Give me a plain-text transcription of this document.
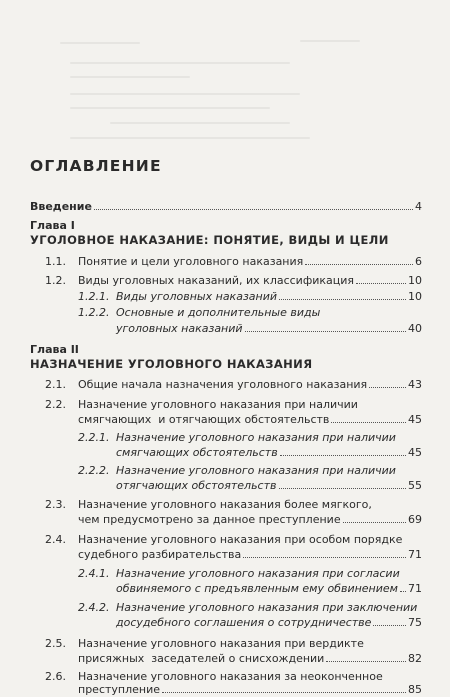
ОГЛАВЛЕНИЕ
Введение	4
Глава I
УГОЛОВНОЕ НАКАЗАНИЕ: ПОНЯТИЕ, ВИДЫ И ЦЕЛИ
1.1.	Понятие и цели уголовного наказания	6
1.2.	Виды уголовных наказаний, их классификация	10
1.2.1. Виды уголовных наказаний	10
1.2.2. Основные и дополнительные виды
уголовных наказаний	40
Глава II
НАЗНАЧЕНИЕ УГОЛОВНОГО НАКАЗАНИЯ
2.1.	Общие начала назначения уголовного наказания	43
2.2.	Назначение уголовного наказания при наличии
смягчающих  и отягчающих обстоятельств	45
2.2.1. Назначение уголовного наказания при наличии
смягчающих обстоятельств	45
2.2.2. Назначение уголовного наказания при наличии
отягчающих обстоятельств	55
2.3.	Назначение уголовного наказания более мягкого,
чем предусмотрено за данное преступление	69
2.4.	Назначение уголовного наказания при особом порядке
судебного разбирательства	71
2.4.1. Назначение уголовного наказания при согласии
обвиняемого с предъявленным ему обвинением 71
2.4.2. Назначение уголовного наказания при заключении
досудебного соглашения о сотрудничестве	75
2.5.	Назначение уголовного наказания при вердикте
присяжных  заседателей о снисхождении	82
2.6.	Назначение уголовного наказания за неоконченное
преступление	85
